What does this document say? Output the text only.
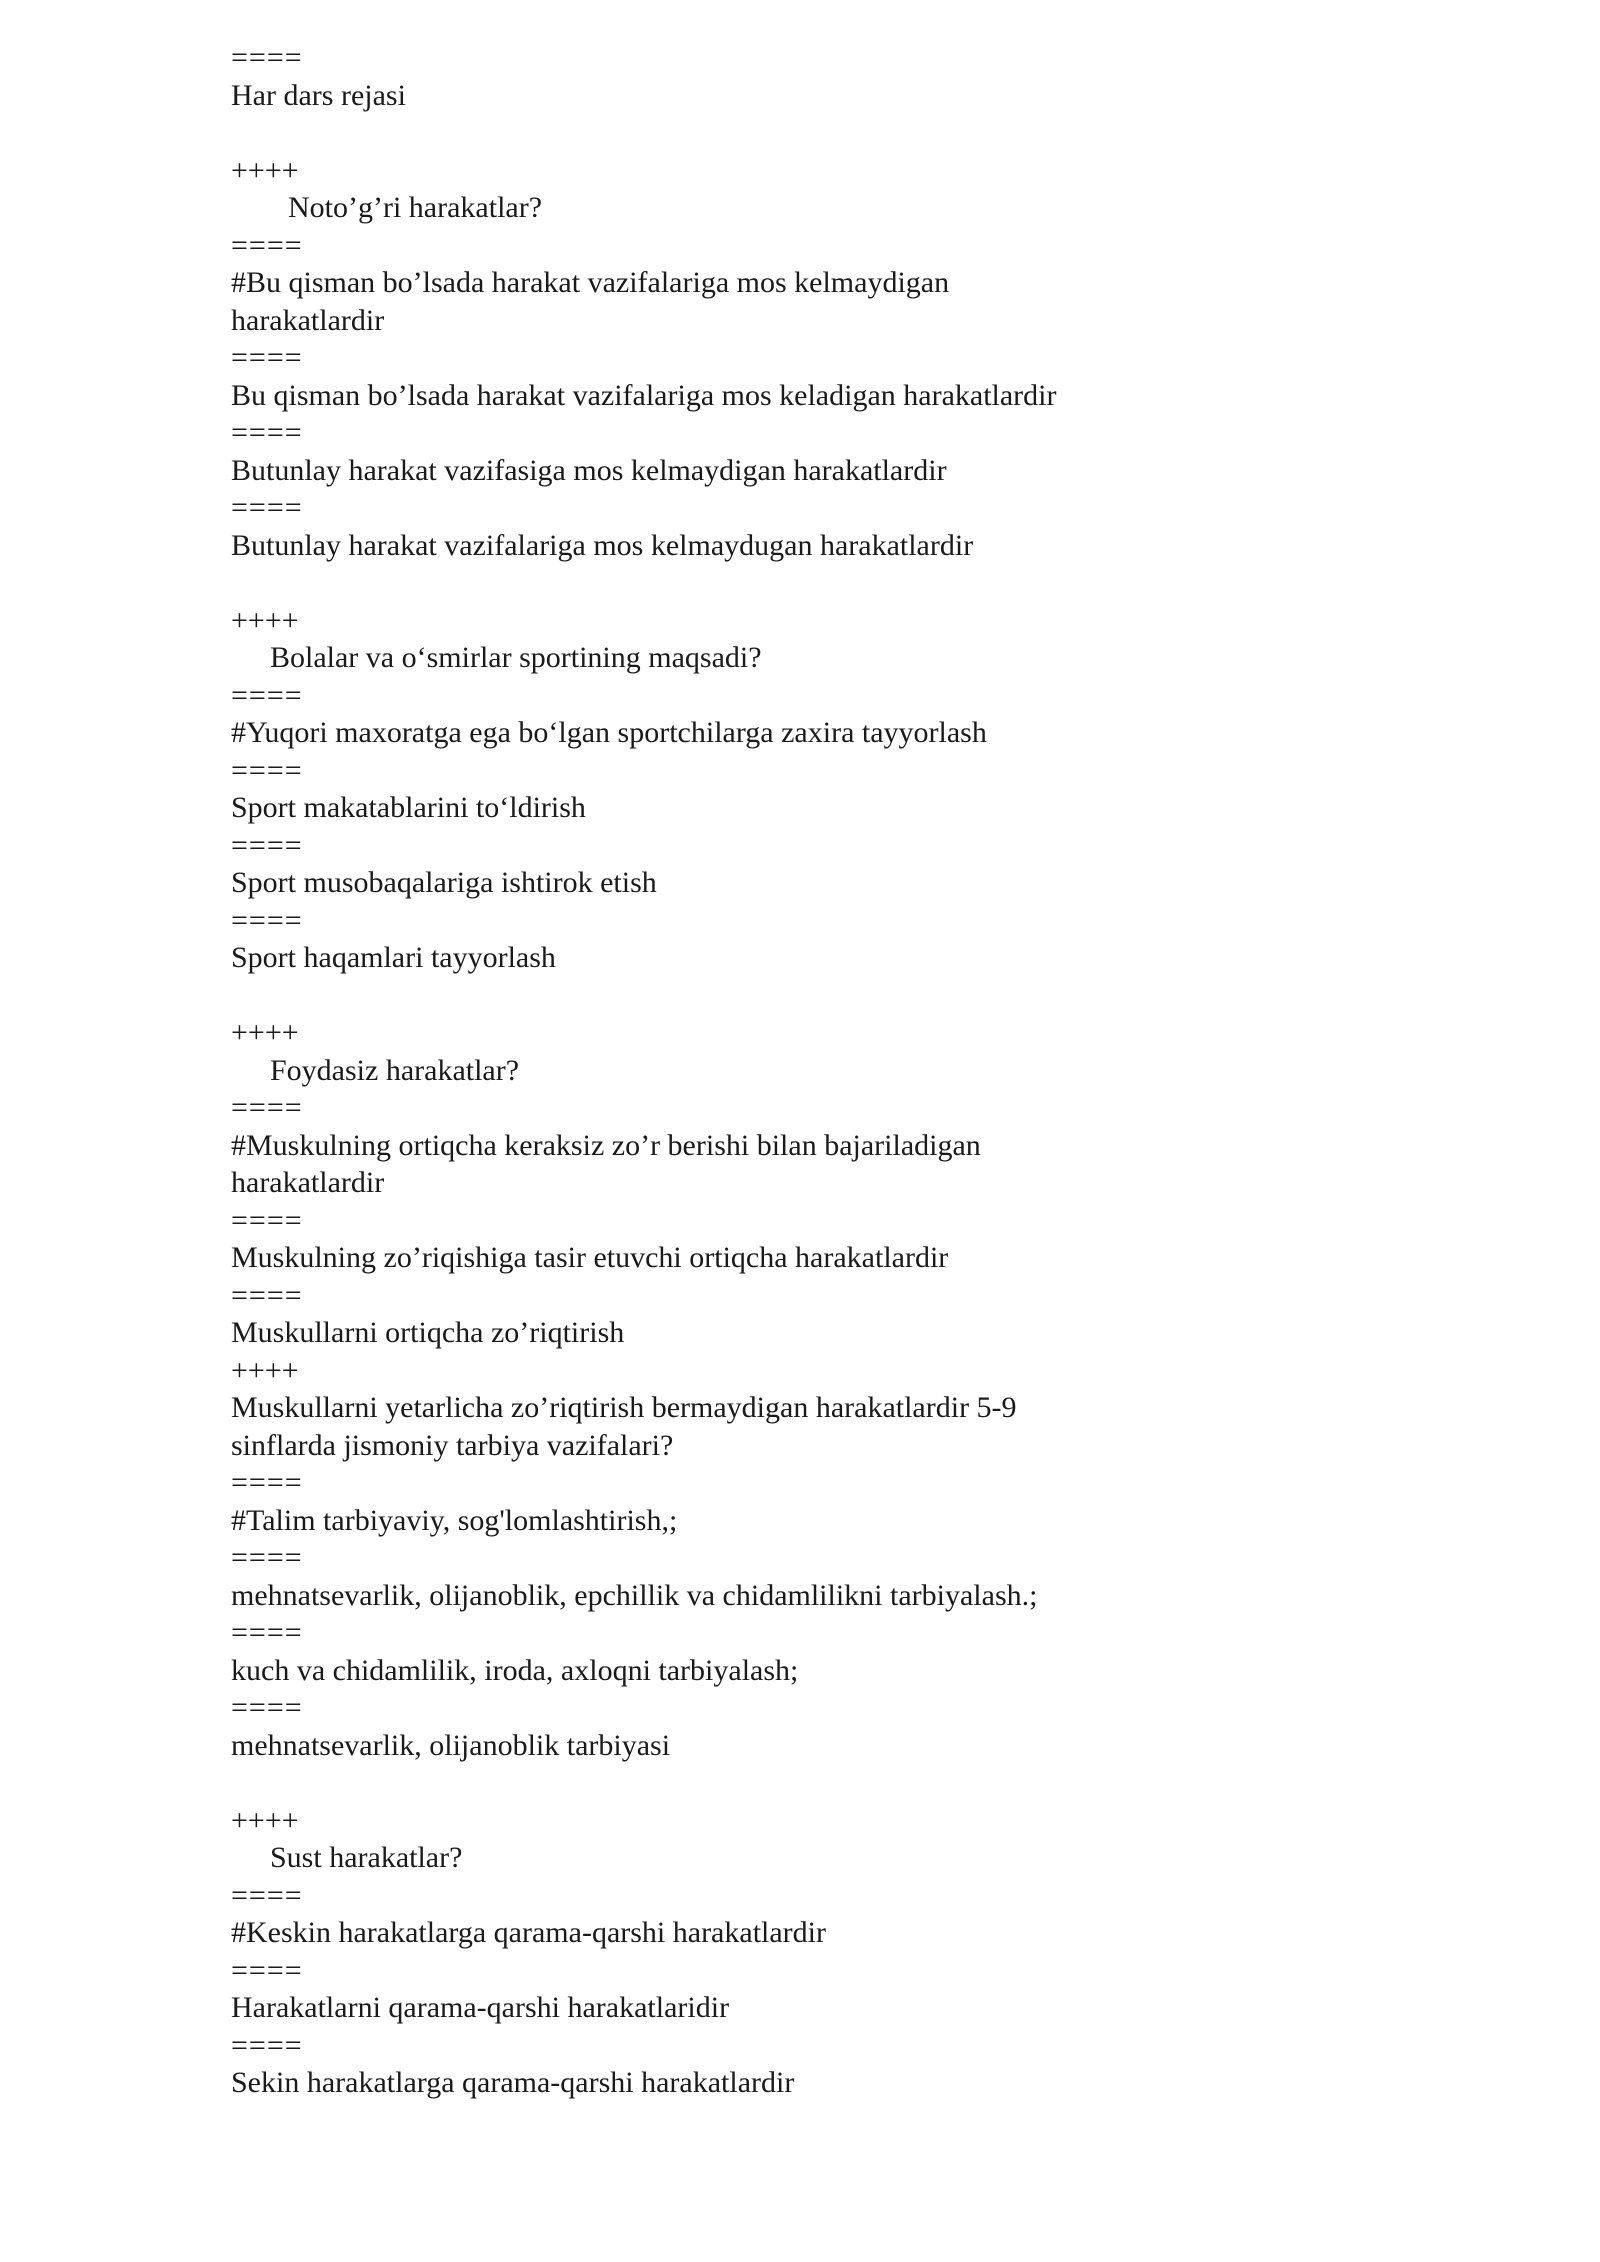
====
Har dars rejasi
++++
Noto’g’ri harakatlar?
====
#Bu qisman bo’lsada harakat vazifalariga mos kelmaydigan
harakatlardir
====
Bu qisman bo’lsada harakat vazifalariga mos keladigan harakatlardir
====
Butunlay harakat vazifasiga mos kelmaydigan harakatlardir
====
Butunlay harakat vazifalariga mos kelmaydugan harakatlardir
++++
Bolalar va o‘smirlar sportining maqsadi?
====
#Yuqori maxoratga ega bo‘lgan sportchilarga zaxira tayyorlash
====
Sport makatablarini to‘ldirish
====
Sport musobaqalariga ishtirok etish
====
Sport haqamlari tayyorlash
++++
Foydasiz harakatlar?
====
#Muskulning ortiqcha keraksiz zo’r berishi bilan bajariladigan
harakatlardir
====
Muskulning zo’riqishiga tasir etuvchi ortiqcha harakatlardir
====
Muskullarni ortiqcha zo’riqtirish
++++
Muskullarni yetarlicha zo’riqtirish bermaydigan harakatlardir 5-9
sinflarda jismoniy tarbiya vazifalari?
====
#Talim tarbiyaviy, sog'lomlashtirish,;
====
mehnatsevarlik, olijanoblik, epchillik va chidamlilikni tarbiyalash.;
====
kuch va chidamlilik, iroda, axloqni tarbiyalash;
====
mehnatsevarlik, olijanoblik tarbiyasi
++++
Sust harakatlar?
====
#Keskin harakatlarga qarama-qarshi harakatlardir
====
Harakatlarni qarama-qarshi harakatlaridir
====
Sekin harakatlarga qarama-qarshi harakatlardir
